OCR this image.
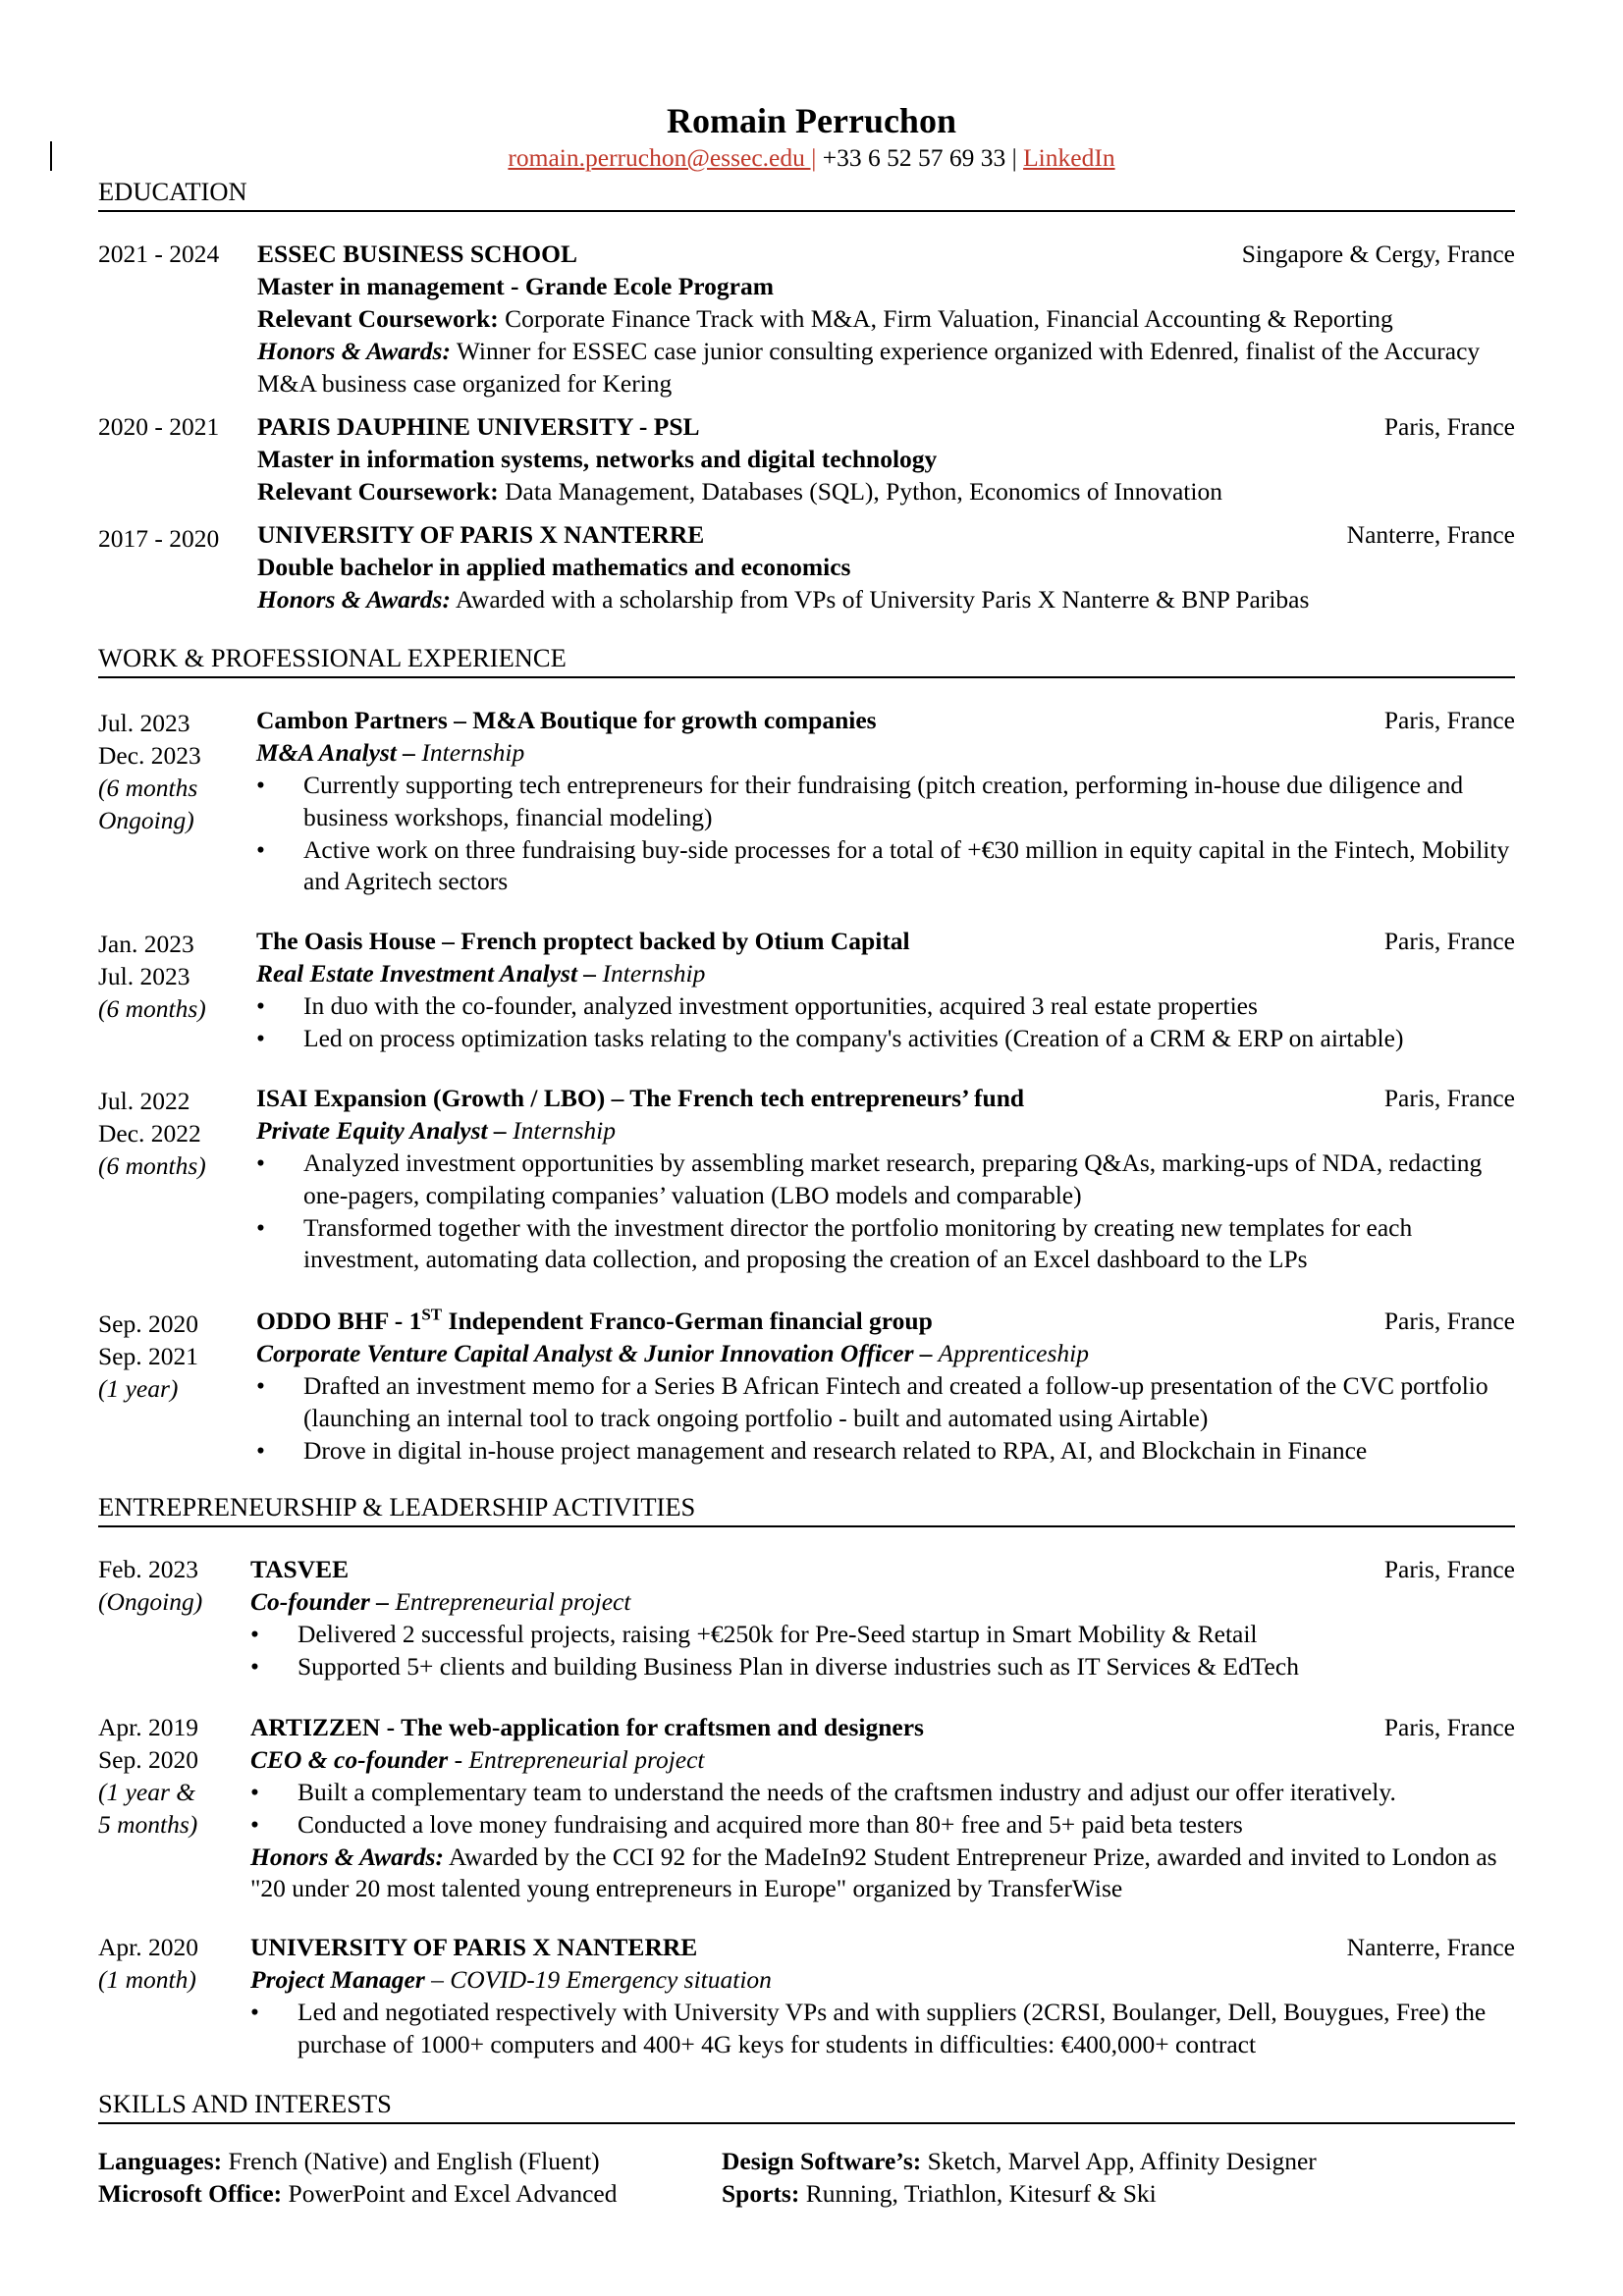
Romain Perruchon
romain.perruchon@essec.edu | +33 6 52 57 69 33 | LinkedIn
EDUCATION
2021 - 2024	ESSEC BUSINESS SCHOOL	Singapore & Cergy, France
Master in management - Grande Ecole Program
Relevant Coursework: Corporate Finance Track with M&A, Firm Valuation, Financial Accounting & Reporting
Honors & Awards: Winner for ESSEC case junior consulting experience organized with Edenred, finalist of the Accuracy M&A business case organized for Kering
2020 - 2021	PARIS DAUPHINE UNIVERSITY - PSL	Paris, France
Master in information systems, networks and digital technology
Relevant Coursework: Data Management, Databases (SQL), Python, Economics of Innovation
2017 - 2020	UNIVERSITY OF PARIS X NANTERRE	Nanterre, France
Double bachelor in applied mathematics and economics
Honors & Awards: Awarded with a scholarship from VPs of University Paris X Nanterre & BNP Paribas
WORK & PROFESSIONAL EXPERIENCE
Jul. 2023
Dec. 2023
(6 months
Ongoing)
Cambon Partners – M&A Boutique for growth companies	Paris, France
M&A Analyst – Internship
• Currently supporting tech entrepreneurs for their fundraising (pitch creation, performing in-house due diligence and business workshops, financial modeling)
• Active work on three fundraising buy-side processes for a total of +€30 million in equity capital in the Fintech, Mobility and Agritech sectors
Jan. 2023
Jul. 2023
(6 months)
The Oasis House – French proptect backed by Otium Capital	Paris, France
Real Estate Investment Analyst – Internship
• In duo with the co-founder, analyzed investment opportunities, acquired 3 real estate properties
• Led on process optimization tasks relating to the company's activities (Creation of a CRM & ERP on airtable)
Jul. 2022
Dec. 2022
(6 months)
ISAI Expansion (Growth / LBO) – The French tech entrepreneurs’ fund	Paris, France
Private Equity Analyst – Internship
• Analyzed investment opportunities by assembling market research, preparing Q&As, marking-ups of NDA, redacting one-pagers, compilating companies’ valuation (LBO models and comparable)
• Transformed together with the investment director the portfolio monitoring by creating new templates for each investment, automating data collection, and proposing the creation of an Excel dashboard to the LPs
Sep. 2020
Sep. 2021
(1 year)
ODDO BHF - 1ST Independent Franco-German financial group	Paris, France
Corporate Venture Capital Analyst & Junior Innovation Officer – Apprenticeship
• Drafted an investment memo for a Series B African Fintech and created a follow-up presentation of the CVC portfolio (launching an internal tool to track ongoing portfolio - built and automated using Airtable)
• Drove in digital in-house project management and research related to RPA, AI, and Blockchain in Finance
ENTREPRENEURSHIP & LEADERSHIP ACTIVITIES
Feb. 2023
(Ongoing)
TASVEE	Paris, France
Co-founder – Entrepreneurial project
• Delivered 2 successful projects, raising +€250k for Pre-Seed startup in Smart Mobility & Retail
• Supported 5+ clients and building Business Plan in diverse industries such as IT Services & EdTech
Apr. 2019
Sep. 2020
(1 year &
5 months)
ARTIZZEN - The web-application for craftsmen and designers	Paris, France
CEO & co-founder - Entrepreneurial project
• Built a complementary team to understand the needs of the craftsmen industry and adjust our offer iteratively.
• Conducted a love money fundraising and acquired more than 80+ free and 5+ paid beta testers
Honors & Awards: Awarded by the CCI 92 for the MadeIn92 Student Entrepreneur Prize, awarded and invited to London as "20 under 20 most talented young entrepreneurs in Europe" organized by TransferWise
Apr. 2020
(1 month)
UNIVERSITY OF PARIS X NANTERRE	Nanterre, France
Project Manager – COVID-19 Emergency situation
• Led and negotiated respectively with University VPs and with suppliers (2CRSI, Boulanger, Dell, Bouygues, Free) the purchase of 1000+ computers and 400+ 4G keys for students in difficulties: €400,000+ contract
SKILLS AND INTERESTS
Languages: French (Native) and English (Fluent)
Microsoft Office: PowerPoint and Excel Advanced
Design Software’s: Sketch, Marvel App, Affinity Designer
Sports: Running, Triathlon, Kitesurf & Ski
